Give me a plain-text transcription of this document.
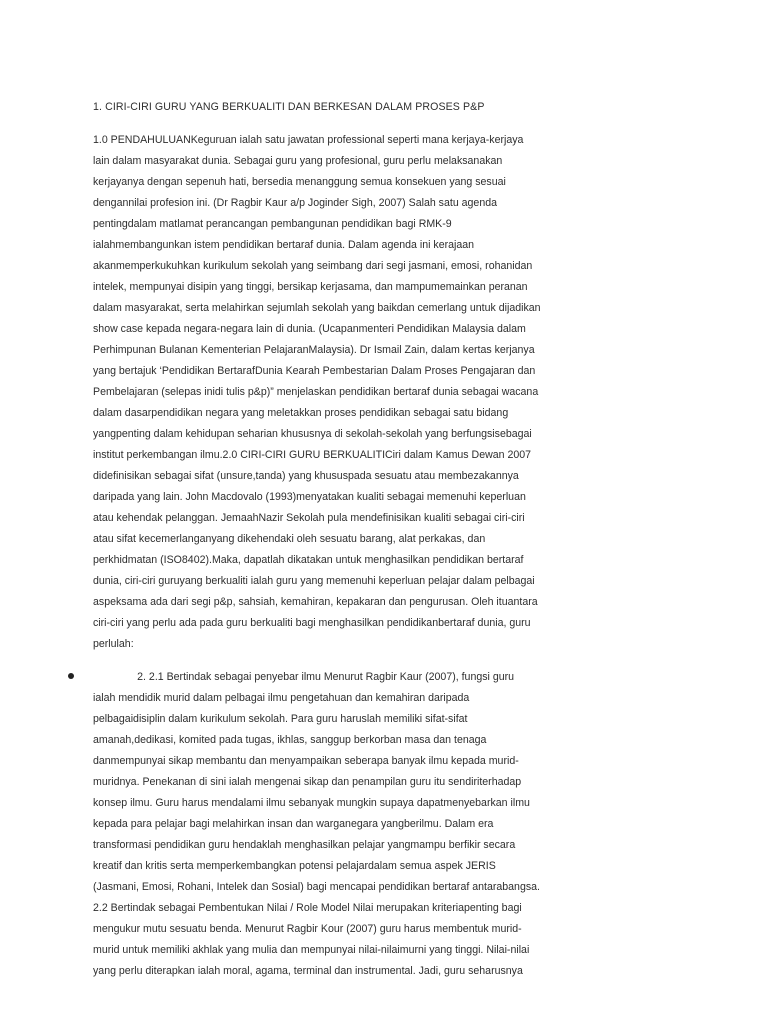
1. CIRI-CIRI GURU YANG BERKUALITI DAN BERKESAN DALAM PROSES P&P
1.0 PENDAHULUANKeguruan ialah satu jawatan professional seperti mana kerjaya-kerjaya
lain dalam masyarakat dunia. Sebagai guru yang profesional, guru perlu melaksanakan
kerjayanya dengan sepenuh hati, bersedia menanggung semua konsekuen yang sesuai
dengannilai profesion ini. (Dr Ragbir Kaur a/p Joginder Sigh, 2007) Salah satu agenda
pentingdalam matlamat perancangan pembangunan pendidikan bagi RMK-9
ialahmembangunkan istem pendidikan bertaraf dunia. Dalam agenda ini kerajaan
akanmemperkukuhkan kurikulum sekolah yang seimbang dari segi jasmani, emosi, rohanidan
intelek, mempunyai disipin yang tinggi, bersikap kerjasama, dan mampumemainkan peranan
dalam masyarakat, serta melahirkan sejumlah sekolah yang baikdan cemerlang untuk dijadikan
show case kepada negara-negara lain di dunia. (Ucapanmenteri Pendidikan Malaysia dalam
Perhimpunan Bulanan Kementerian PelajaranMalaysia). Dr Ismail Zain, dalam kertas kerjanya
yang bertajuk ‘Pendidikan BertarafDunia Kearah Pembestarian Dalam Proses Pengajaran dan
Pembelajaran (selepas inidi tulis p&p)” menjelaskan pendidikan bertaraf dunia sebagai wacana
dalam dasarpendidikan negara yang meletakkan proses pendidikan sebagai satu bidang
yangpenting dalam kehidupan seharian khususnya di sekolah-sekolah yang berfungsisebagai
institut perkembangan ilmu.2.0 CIRI-CIRI GURU BERKUALITICiri dalam Kamus Dewan 2007
didefinisikan sebagai sifat (unsure,tanda) yang khususpada sesuatu atau membezakannya
daripada yang lain. John Macdovalo (1993)menyatakan kualiti sebagai memenuhi keperluan
atau kehendak pelanggan. JemaahNazir Sekolah pula mendefinisikan kualiti sebagai ciri-ciri
atau sifat kecemerlanganyang dikehendaki oleh sesuatu barang, alat perkakas, dan
perkhidmatan (ISO8402).Maka, dapatlah dikatakan untuk menghasilkan pendidikan bertaraf
dunia, ciri-ciri guruyang berkualiti ialah guru yang memenuhi keperluan pelajar dalam pelbagai
aspeksama ada dari segi p&p, sahsiah, kemahiran, kepakaran dan pengurusan. Oleh ituantara
ciri-ciri yang perlu ada pada guru berkualiti bagi menghasilkan pendidikanbertaraf dunia, guru
perlulah:
2. 2.1 Bertindak sebagai penyebar ilmu Menurut Ragbir Kaur (2007), fungsi guru
ialah mendidik murid dalam pelbagai ilmu pengetahuan dan kemahiran daripada
pelbagaidisiplin dalam kurikulum sekolah. Para guru haruslah memiliki sifat-sifat
amanah,dedikasi, komited pada tugas, ikhlas, sanggup berkorban masa dan tenaga
danmempunyai sikap membantu dan menyampaikan seberapa banyak ilmu kepada murid-
muridnya. Penekanan di sini ialah mengenai sikap dan penampilan guru itu sendiriterhadap
konsep ilmu. Guru harus mendalami ilmu sebanyak mungkin supaya dapatmenyebarkan ilmu
kepada para pelajar bagi melahirkan insan dan warganegara yangberilmu. Dalam era
transformasi pendidikan guru hendaklah menghasilkan pelajar yangmampu berfikir secara
kreatif dan kritis serta memperkembangkan potensi pelajardalam semua aspek JERIS
(Jasmani, Emosi, Rohani, Intelek dan Sosial) bagi mencapai pendidikan bertaraf antarabangsa.
2.2 Bertindak sebagai Pembentukan Nilai / Role Model Nilai merupakan kriteriapenting bagi
mengukur mutu sesuatu benda. Menurut Ragbir Kour (2007) guru harus membentuk murid-
murid untuk memiliki akhlak yang mulia dan mempunyai nilai-nilaimurni yang tinggi. Nilai-nilai
yang perlu diterapkan ialah moral, agama, terminal dan instrumental. Jadi, guru seharusnya
